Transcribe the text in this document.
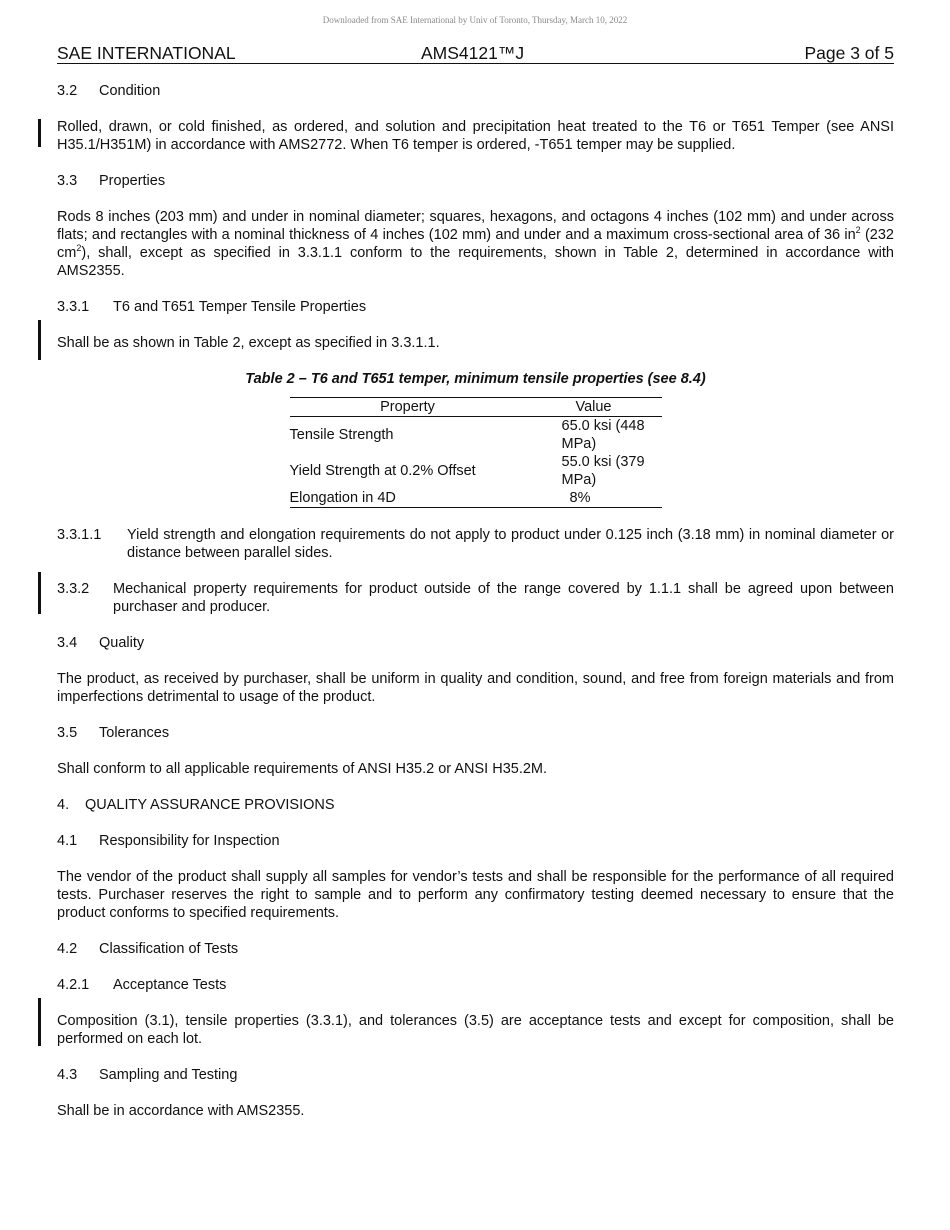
Downloaded from SAE International by Univ of Toronto, Thursday, March 10, 2022
SAE INTERNATIONAL	AMS4121™J	Page 3 of 5
3.2 Condition
Rolled, drawn, or cold finished, as ordered, and solution and precipitation heat treated to the T6 or T651 Temper (see ANSI H35.1/H351M) in accordance with AMS2772. When T6 temper is ordered, -T651 temper may be supplied.
3.3 Properties
Rods 8 inches (203 mm) and under in nominal diameter; squares, hexagons, and octagons 4 inches (102 mm) and under across flats; and rectangles with a nominal thickness of 4 inches (102 mm) and under and a maximum cross-sectional area of 36 $in^2$ (232 $cm^2$), shall, except as specified in 3.3.1.1 conform to the requirements, shown in Table 2, determined in accordance with AMS2355.
3.3.1 T6 and T651 Temper Tensile Properties
Shall be as shown in Table 2, except as specified in 3.3.1.1.
Table 2 – T6 and T651 temper, minimum tensile properties (see 8.4)
Property	Value
Tensile Strength	65.0 ksi (448 MPa)
Yield Strength at 0.2% Offset	55.0 ksi (379 MPa)
Elongation in 4D	8%
3.3.1.1 Yield strength and elongation requirements do not apply to product under 0.125 inch (3.18 mm) in nominal diameter or distance between parallel sides.
3.3.2 Mechanical property requirements for product outside of the range covered by 1.1.1 shall be agreed upon between purchaser and producer.
3.4 Quality
The product, as received by purchaser, shall be uniform in quality and condition, sound, and free from foreign materials and from imperfections detrimental to usage of the product.
3.5 Tolerances
Shall conform to all applicable requirements of ANSI H35.2 or ANSI H35.2M.
4. QUALITY ASSURANCE PROVISIONS
4.1 Responsibility for Inspection
The vendor of the product shall supply all samples for vendor’s tests and shall be responsible for the performance of all required tests. Purchaser reserves the right to sample and to perform any confirmatory testing deemed necessary to ensure that the product conforms to specified requirements.
4.2 Classification of Tests
4.2.1 Acceptance Tests
Composition (3.1), tensile properties (3.3.1), and tolerances (3.5) are acceptance tests and except for composition, shall be performed on each lot.
4.3 Sampling and Testing
Shall be in accordance with AMS2355.
